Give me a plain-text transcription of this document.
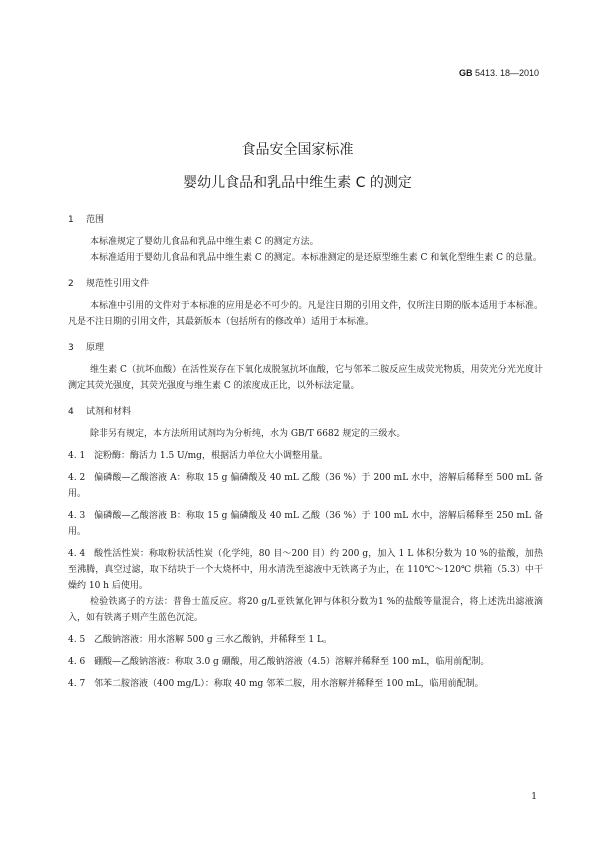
GB 5413. 18—2010
食品安全国家标准
婴幼儿食品和乳品中维生素 C 的测定
1 范围
本标准规定了婴幼儿食品和乳品中维生素 C 的测定方法。
本标准适用于婴幼儿食品和乳品中维生素 C 的测定。本标准测定的是还原型维生素 C 和氧化型维生素 C 的总量。
2 规范性引用文件
本标准中引用的文件对于本标准的应用是必不可少的。凡是注日期的引用文件，仅所注日期的版本适用于本标准。凡是不注日期的引用文件，其最新版本（包括所有的修改单）适用于本标准。
3 原理
维生素 C（抗坏血酸）在活性炭存在下氧化成脱氢抗坏血酸，它与邻苯二胺反应生成荧光物质，用荧光分光光度计测定其荧光强度，其荧光强度与维生素 C 的浓度成正比，以外标法定量。
4 试剂和材料
除非另有规定，本方法所用试剂均为分析纯，水为 GB/T 6682 规定的三级水。
4. 1 淀粉酶：酶活力 1.5 U/mg，根据活力单位大小调整用量。
4. 2 偏磷酸—乙酸溶液 A：称取 15 g 偏磷酸及 40 mL 乙酸（36 %）于 200 mL 水中，溶解后稀释至 500 mL 备用。
4. 3 偏磷酸—乙酸溶液 B：称取 15 g 偏磷酸及 40 mL 乙酸（36 %）于 100 mL 水中，溶解后稀释至 250 mL 备用。
4. 4 酸性活性炭：称取粉状活性炭（化学纯，80 目～200 目）约 200 g，加入 1 L 体积分数为 10 %的盐酸，加热至沸腾，真空过滤，取下结块于一个大烧杯中，用水清洗至滤液中无铁离子为止，在 110℃～120℃ 烘箱（5.3）中干燥约 10 h 后使用。
检验铁离子的方法：普鲁士蓝反应。将20 g/L亚铁氰化钾与体积分数为1 %的盐酸等量混合，将上述洗出滤液滴入，如有铁离子则产生蓝色沉淀。
4. 5 乙酸钠溶液：用水溶解 500 g 三水乙酸钠，并稀释至 1 L。
4. 6 硼酸—乙酸钠溶液：称取 3.0 g 硼酸，用乙酸钠溶液（4.5）溶解并稀释至 100 mL，临用前配制。
4. 7 邻苯二胺溶液（400 mg/L）：称取 40 mg 邻苯二胺，用水溶解并稀释至 100 mL，临用前配制。
1
